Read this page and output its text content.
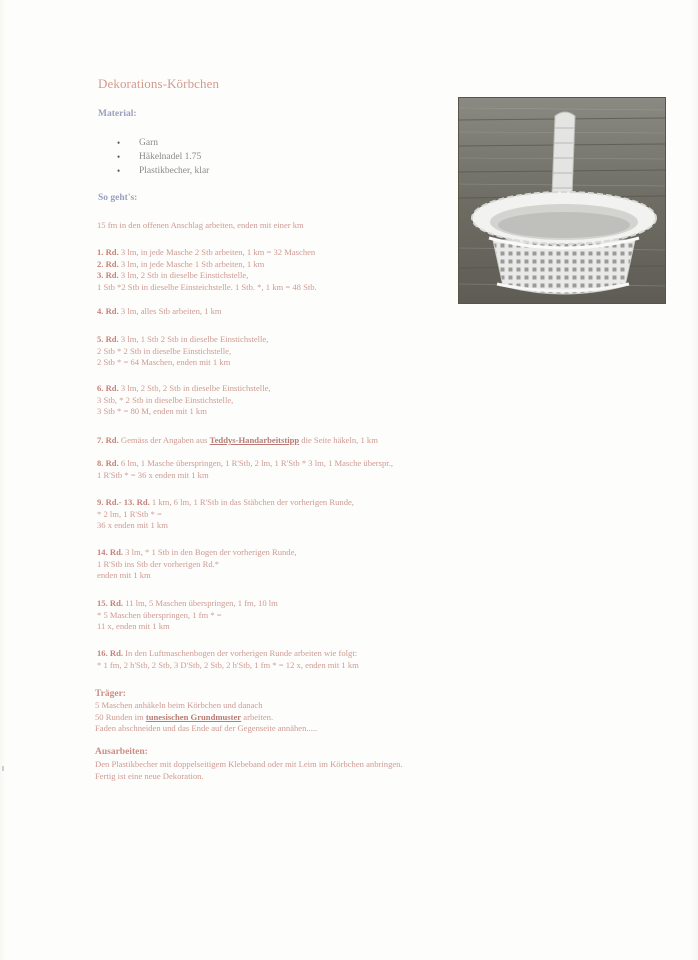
Dekorations-Körbchen
Material:
• Garn
• Häkelnadel 1.75
• Plastikbecher, klar
So geht's:
15 fm in den offenen Anschlag arbeiten, enden mit einer km
1. Rd. 3 lm, in jede Masche 2 Stb arbeiten, 1 km = 32 Maschen
2. Rd. 3 lm, in jede Masche 1 Stb arbeiten, 1 km
3. Rd. 3 lm, 2 Stb in dieselbe Einstichstelle,
1 Stb *2 Stb in dieselbe Einsteichstelle. 1 Stb. *, 1 km = 48 Stb.
4. Rd. 3 lm, alles Stb arbeiten, 1 km
5. Rd. 3 lm, 1 Stb 2 Stb in dieselbe Einstichstelle,
2 Stb * 2 Stb in dieselbe Einstichstelle,
2 Stb * = 64 Maschen, enden mit 1 km
6. Rd. 3 lm, 2 Stb, 2 Stb in dieselbe Einstichstelle,
3 Stb, * 2 Stb in dieselbe Einstichstelle,
3 Stb * = 80 M, enden mit 1 km
7. Rd. Gemäss der Angaben aus Teddys-Handarbeitstipp die Seite häkeln, 1 km
8. Rd. 6 lm, 1 Masche überspringen, 1 R'Stb, 2 lm, 1 R'Stb * 3 lm, 1 Masche überspr.,
1 R'Stb * = 36 x enden mit 1 km
9. Rd.- 13. Rd. 1 km, 6 lm, 1 R'Stb in das Stäbchen der vorherigen Runde,
* 2 lm, 1 R'Stb * =
36 x enden mit 1 km
14. Rd. 3 lm, * 1 Stb in den Bogen der vorherigen Runde,
1 R'Stb ins Stb der vorherigen Rd.*
enden mit 1 km
15. Rd. 11 lm, 5 Maschen überspringen, 1 fm, 10 lm
* 5 Maschen überspringen, 1 fm * =
11 x, enden mit 1 km
16. Rd. In den Luftmaschenbogen der vorherigen Runde arbeiten wie folgt:
* 1 fm, 2 h'Stb, 2 Stb, 3 D'Stb, 2 Stb, 2 h'Stb, 1 fm * = 12 x, enden mit 1 km
Träger:
5 Maschen anhäkeln beim Körbchen und danach
50 Runden im tunesischen Grundmuster arbeiten.
Faden abschneiden und das Ende auf der Gegenseite annähen.....
Ausarbeiten:
Den Plastikbecher mit doppelseitigem Klebeband oder mit Leim im Körbchen anbringen.
Fertig ist eine neue Dekoration.
